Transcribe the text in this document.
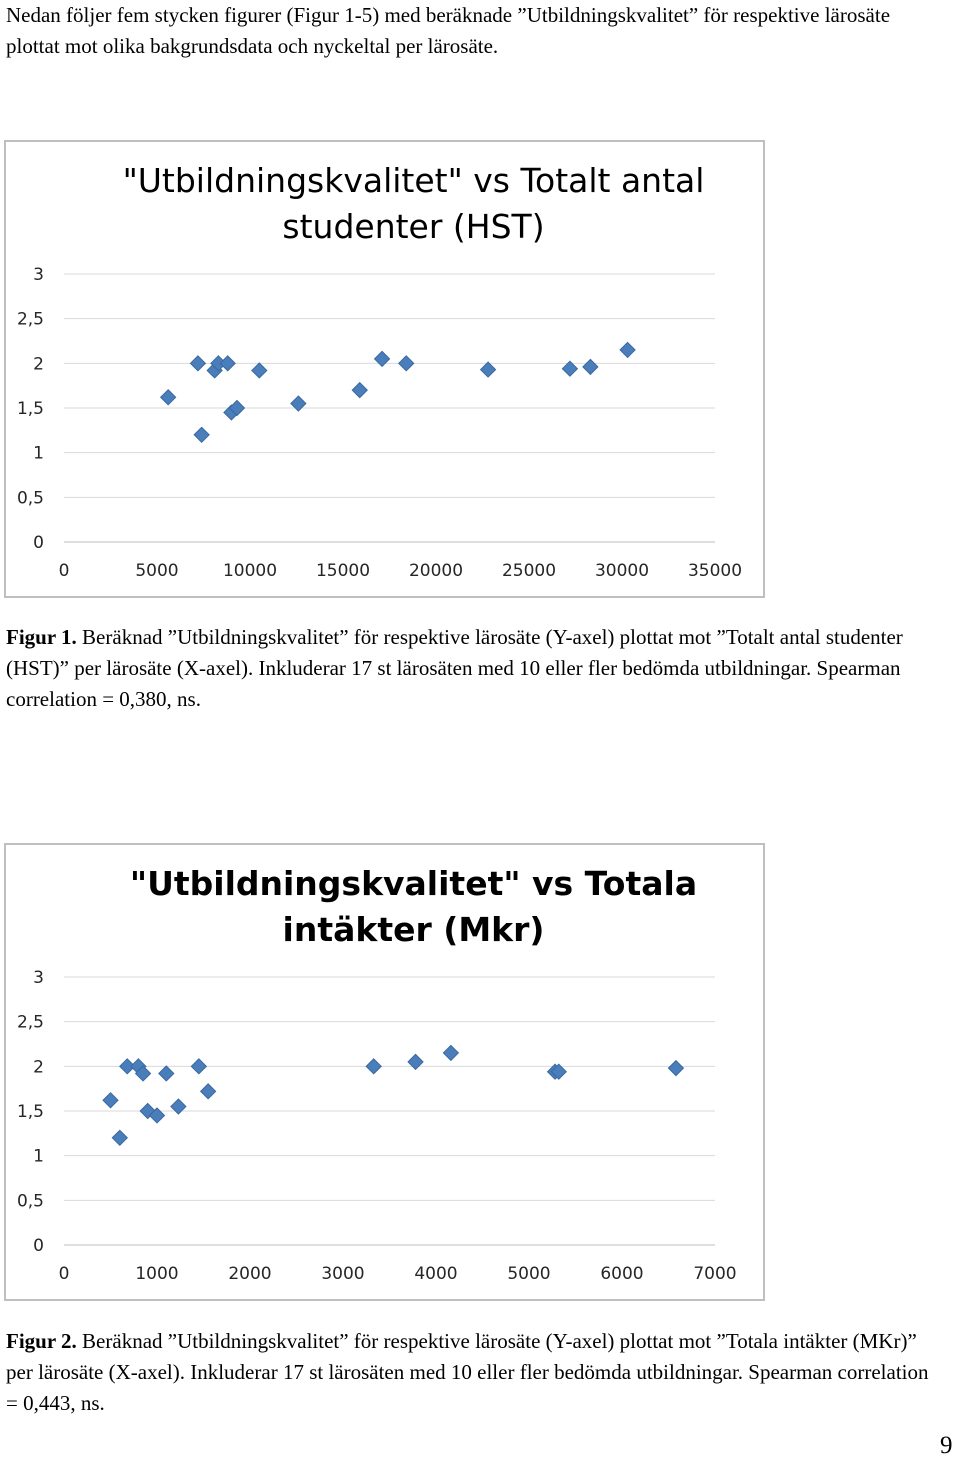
Nedan följer fem stycken figurer (Figur 1-5) med beräknade ”Utbildningskvalitet” för respektive lärosäte plottat mot olika bakgrundsdata och nyckeltal per lärosäte.

"Utbildningskvalitet" vs Totalt antal studenter (HST)
0
0,5
1
1,5
2
2,5
3
0	5000	10000 15000 20000 25000 30000 35000

Figur 1. Beräknad ”Utbildningskvalitet” för respektive lärosäte (Y-axel) plottat mot ”Totalt antal studenter (HST)” per lärosäte (X-axel). Inkluderar 17 st lärosäten med 10 eller fler bedömda utbildningar. Spearman correlation = 0,380, ns.

"Utbildningskvalitet" vs Totala intäkter (Mkr)
0
0,5
1
1,5
2
2,5
3
0	1000	2000	3000	4000	5000	6000	7000

Figur 2. Beräknad ”Utbildningskvalitet” för respektive lärosäte (Y-axel) plottat mot ”Totala intäkter (MKr)” per lärosäte (X-axel). Inkluderar 17 st lärosäten med 10 eller fler bedömda utbildningar. Spearman correlation = 0,443, ns.

9
